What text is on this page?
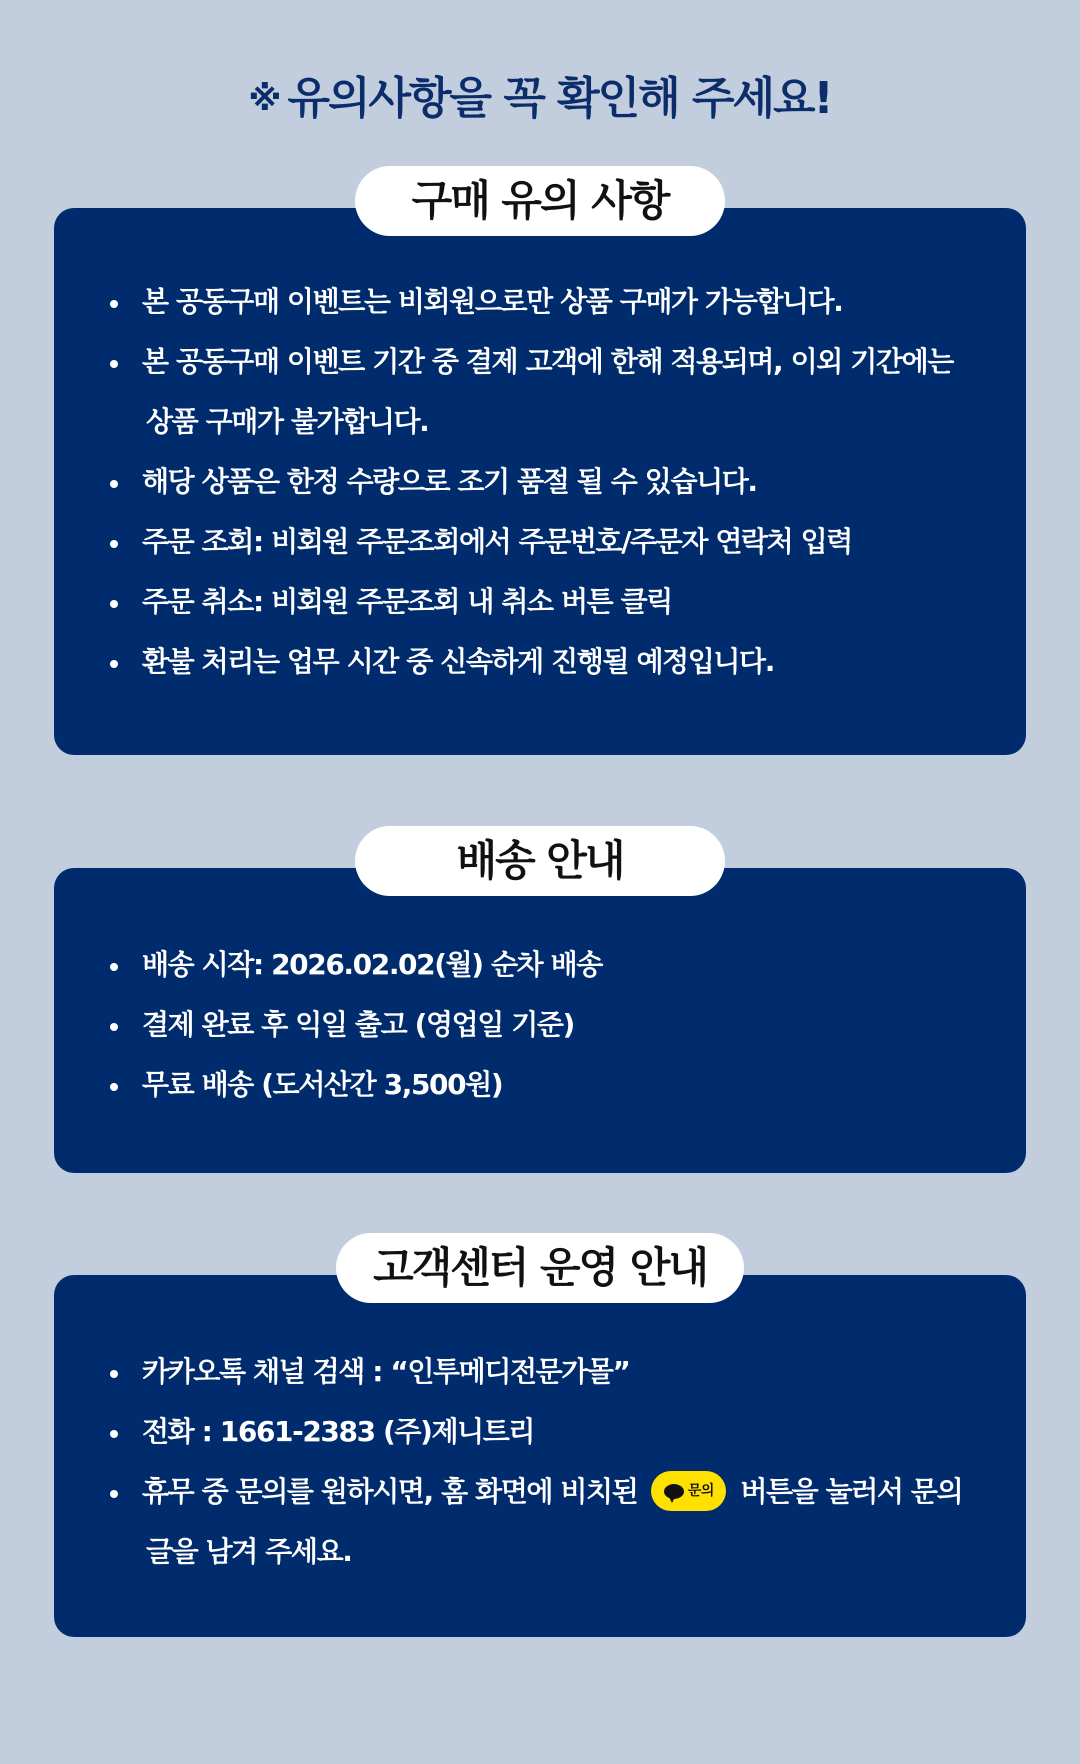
※ 유의사항을 꼭 확인해 주세요!
구매 유의 사항
본 공동구매 이벤트는 비회원으로만 상품 구매가 가능합니다.
본 공동구매 이벤트 기간 중 결제 고객에 한해 적용되며, 이외 기간에는
상품 구매가 불가합니다.
해당 상품은 한정 수량으로 조기 품절 될 수 있습니다.
주문 조회: 비회원 주문조회에서 주문번호/주문자 연락처 입력
주문 취소: 비회원 주문조회 내 취소 버튼 클릭
환불 처리는 업무 시간 중 신속하게 진행될 예정입니다.
배송 안내
배송 시작: 2026.02.02(월) 순차 배송
결제 완료 후 익일 출고 (영업일 기준)
무료 배송 (도서산간 3,500원)
고객센터 운영 안내
카카오톡 채널 검색 : “인투메디전문가몰”
전화 : 1661-2383 (주)제니트리
휴무 중 문의를 원하시면, 홈 화면에 비치된	문의 버튼을 눌러서 문의
글을 남겨 주세요.
